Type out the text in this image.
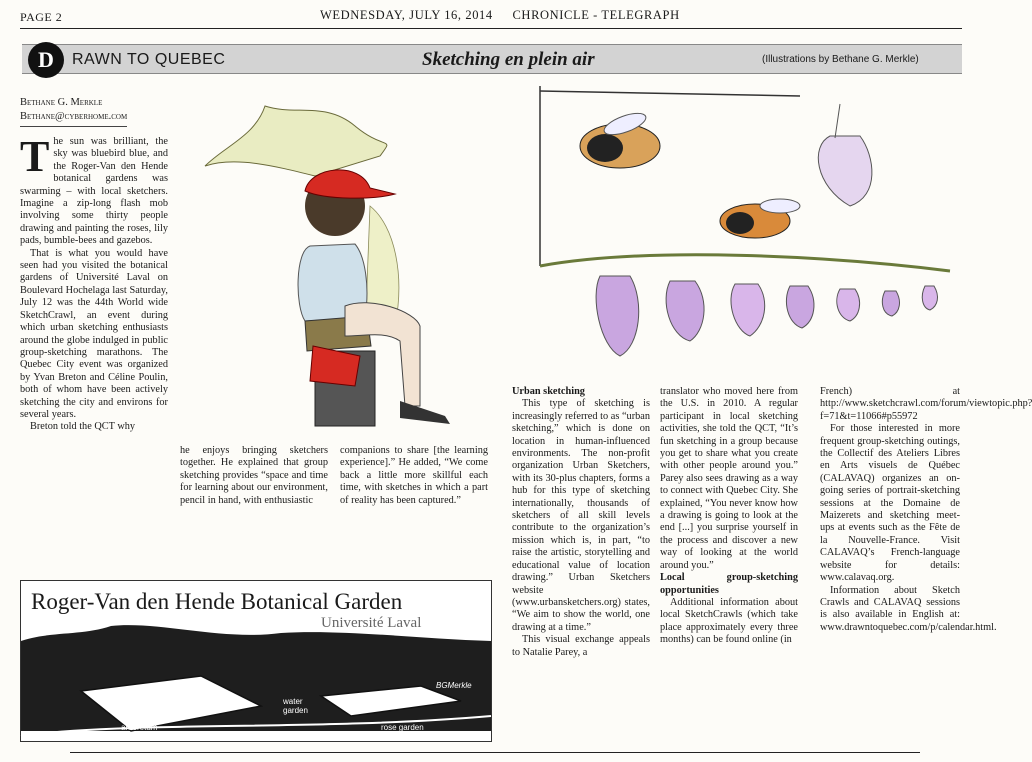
PAGE 2	WEDNESDAY, JULY 16, 2014 CHRONICLE - TELEGRAPH
D	RAWN TO QUEBEC	Sketching en plein air	(Illustrations by Bethane G. Merkle)
Bethane G. Merkle
Bethane@cyberhome.com
T he sun was brilliant, the sky was bluebird blue, and the Roger-Van den Hende botanical gardens was swarming – with local sketchers. Imagine a zip-long flash mob involving some thirty people drawing and painting the roses, lily pads, bumble-bees and gazebos.

That is what you would have seen had you visited the botanical gardens of Université Laval on Boulevard Hochelaga last Saturday, July 12 was the 44th World wide SketchCrawl, an event during which urban sketching enthusiasts around the globe indulged in public group-sketching marathons. The Quebec City event was organized by Yvan Breton and Céline Poulin, both of whom have been actively sketching the city and environs for several years.

Breton told the QCT why

he enjoys bringing sketchers together. He explained that group sketching provides “space and time for learning about our environment, pencil in hand, with enthusiastic

companions to share [the learning experience].” He added, “We come back a little more skillful each time, with sketches in which a part of reality has been captured.”

Urban sketching

This type of sketching is increasingly referred to as “urban sketching,” which is done on location in human-influenced environments. The non-profit organization Urban Sketchers, with its 30-plus chapters, forms a hub for this type of sketching internationally, thousands of sketchers of all skill levels contribute to the organization’s mission which is, in part, “to raise the artistic, storytelling and educational value of location drawing.” Urban Sketchers website (www.urbansketchers.org) states, “We aim to show the world, one drawing at a time.”

This visual exchange appeals to Natalie Parey, a

translator who moved here from the U.S. in 2010. A regular participant in local sketching activities, she told the QCT, “It’s fun sketching in a group because you get to share what you create with other people around you.” Parey also sees drawing as a way to connect with Quebec City. She explained, “You never know how a drawing is going to look at the end [...] you surprise yourself in the process and discover a new way of looking at the world around you.”

Local group-sketching opportunities

Additional information about local SketchCrawls (which take place approximately every three months) can be found online (in

French) at http://www.sketchcrawl.com/forum/viewtopic.php?f=71&t=11066#p55972

For those interested in more frequent group-sketching outings, the Collectif des Ateliers Libres en Arts visuels de Québec (CALAVAQ) organizes an on-going series of portrait-sketching sessions at the Domaine de Maizerets and sketching meet-ups at events such as the Fête de la Nouvelle-France. Visit CALAVAQ’s French-language website for details: www.calavaq.org.

Information about Sketch Crawls and CALAVAQ sessions is also available in English at: www.drawntoquebec.com/p/calendar.html.

Roger-Van den Hende Botanical Garden
Université Laval
arboretum	rose garden
water garden
BGMerkle
